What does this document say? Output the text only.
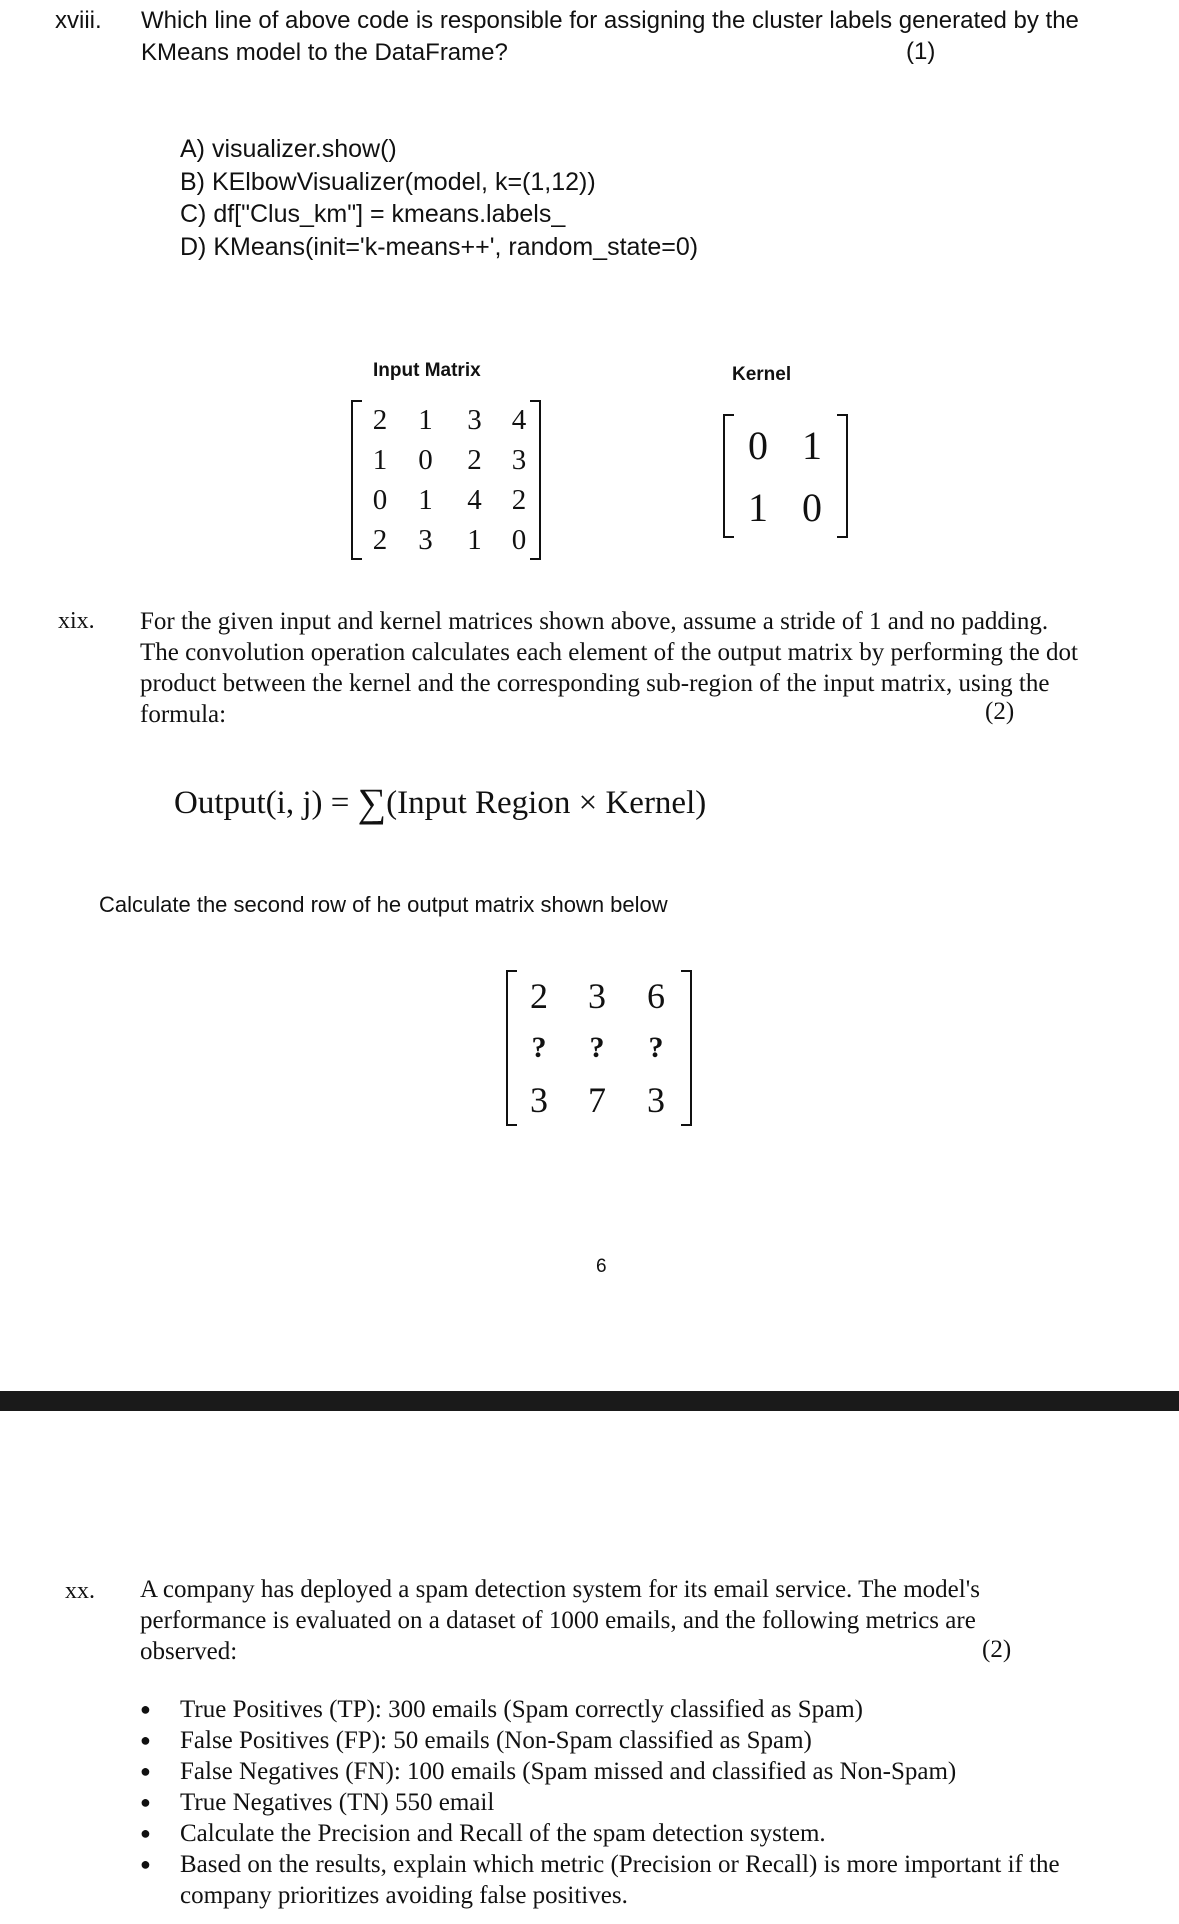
xviii. Which line of above code is responsible for assigning the cluster labels generated by the KMeans model to the DataFrame?	(1)
A) visualizer.show()
B) KElbowVisualizer(model, k=(1,12))
C) df["Clus_km"] = kmeans.labels_
D) KMeans(init='k-means++', random_state=0)
Input Matrix
2	1	3	4
1	0	2	3
0	1	4	2
2	3	1	0
Kernel
0	1
1	0
xix. For the given input and kernel matrices shown above, assume a stride of 1 and no padding. The convolution operation calculates each element of the output matrix by performing the dot product between the kernel and the corresponding sub-region of the input matrix, using the formula:	(2)
Output(i, j) = ∑(Input Region × Kernel)
Calculate the second row of he output matrix shown below
2	3	6
?	?	?
3	7	3
6
xx. A company has deployed a spam detection system for its email service. The model's performance is evaluated on a dataset of 1000 emails, and the following metrics are observed:	(2)
● True Positives (TP): 300 emails (Spam correctly classified as Spam)
● False Positives (FP): 50 emails (Non-Spam classified as Spam)
● False Negatives (FN): 100 emails (Spam missed and classified as Non-Spam)
● True Negatives (TN) 550 email
● Calculate the Precision and Recall of the spam detection system.
● Based on the results, explain which metric (Precision or Recall) is more important if the company prioritizes avoiding false positives.
